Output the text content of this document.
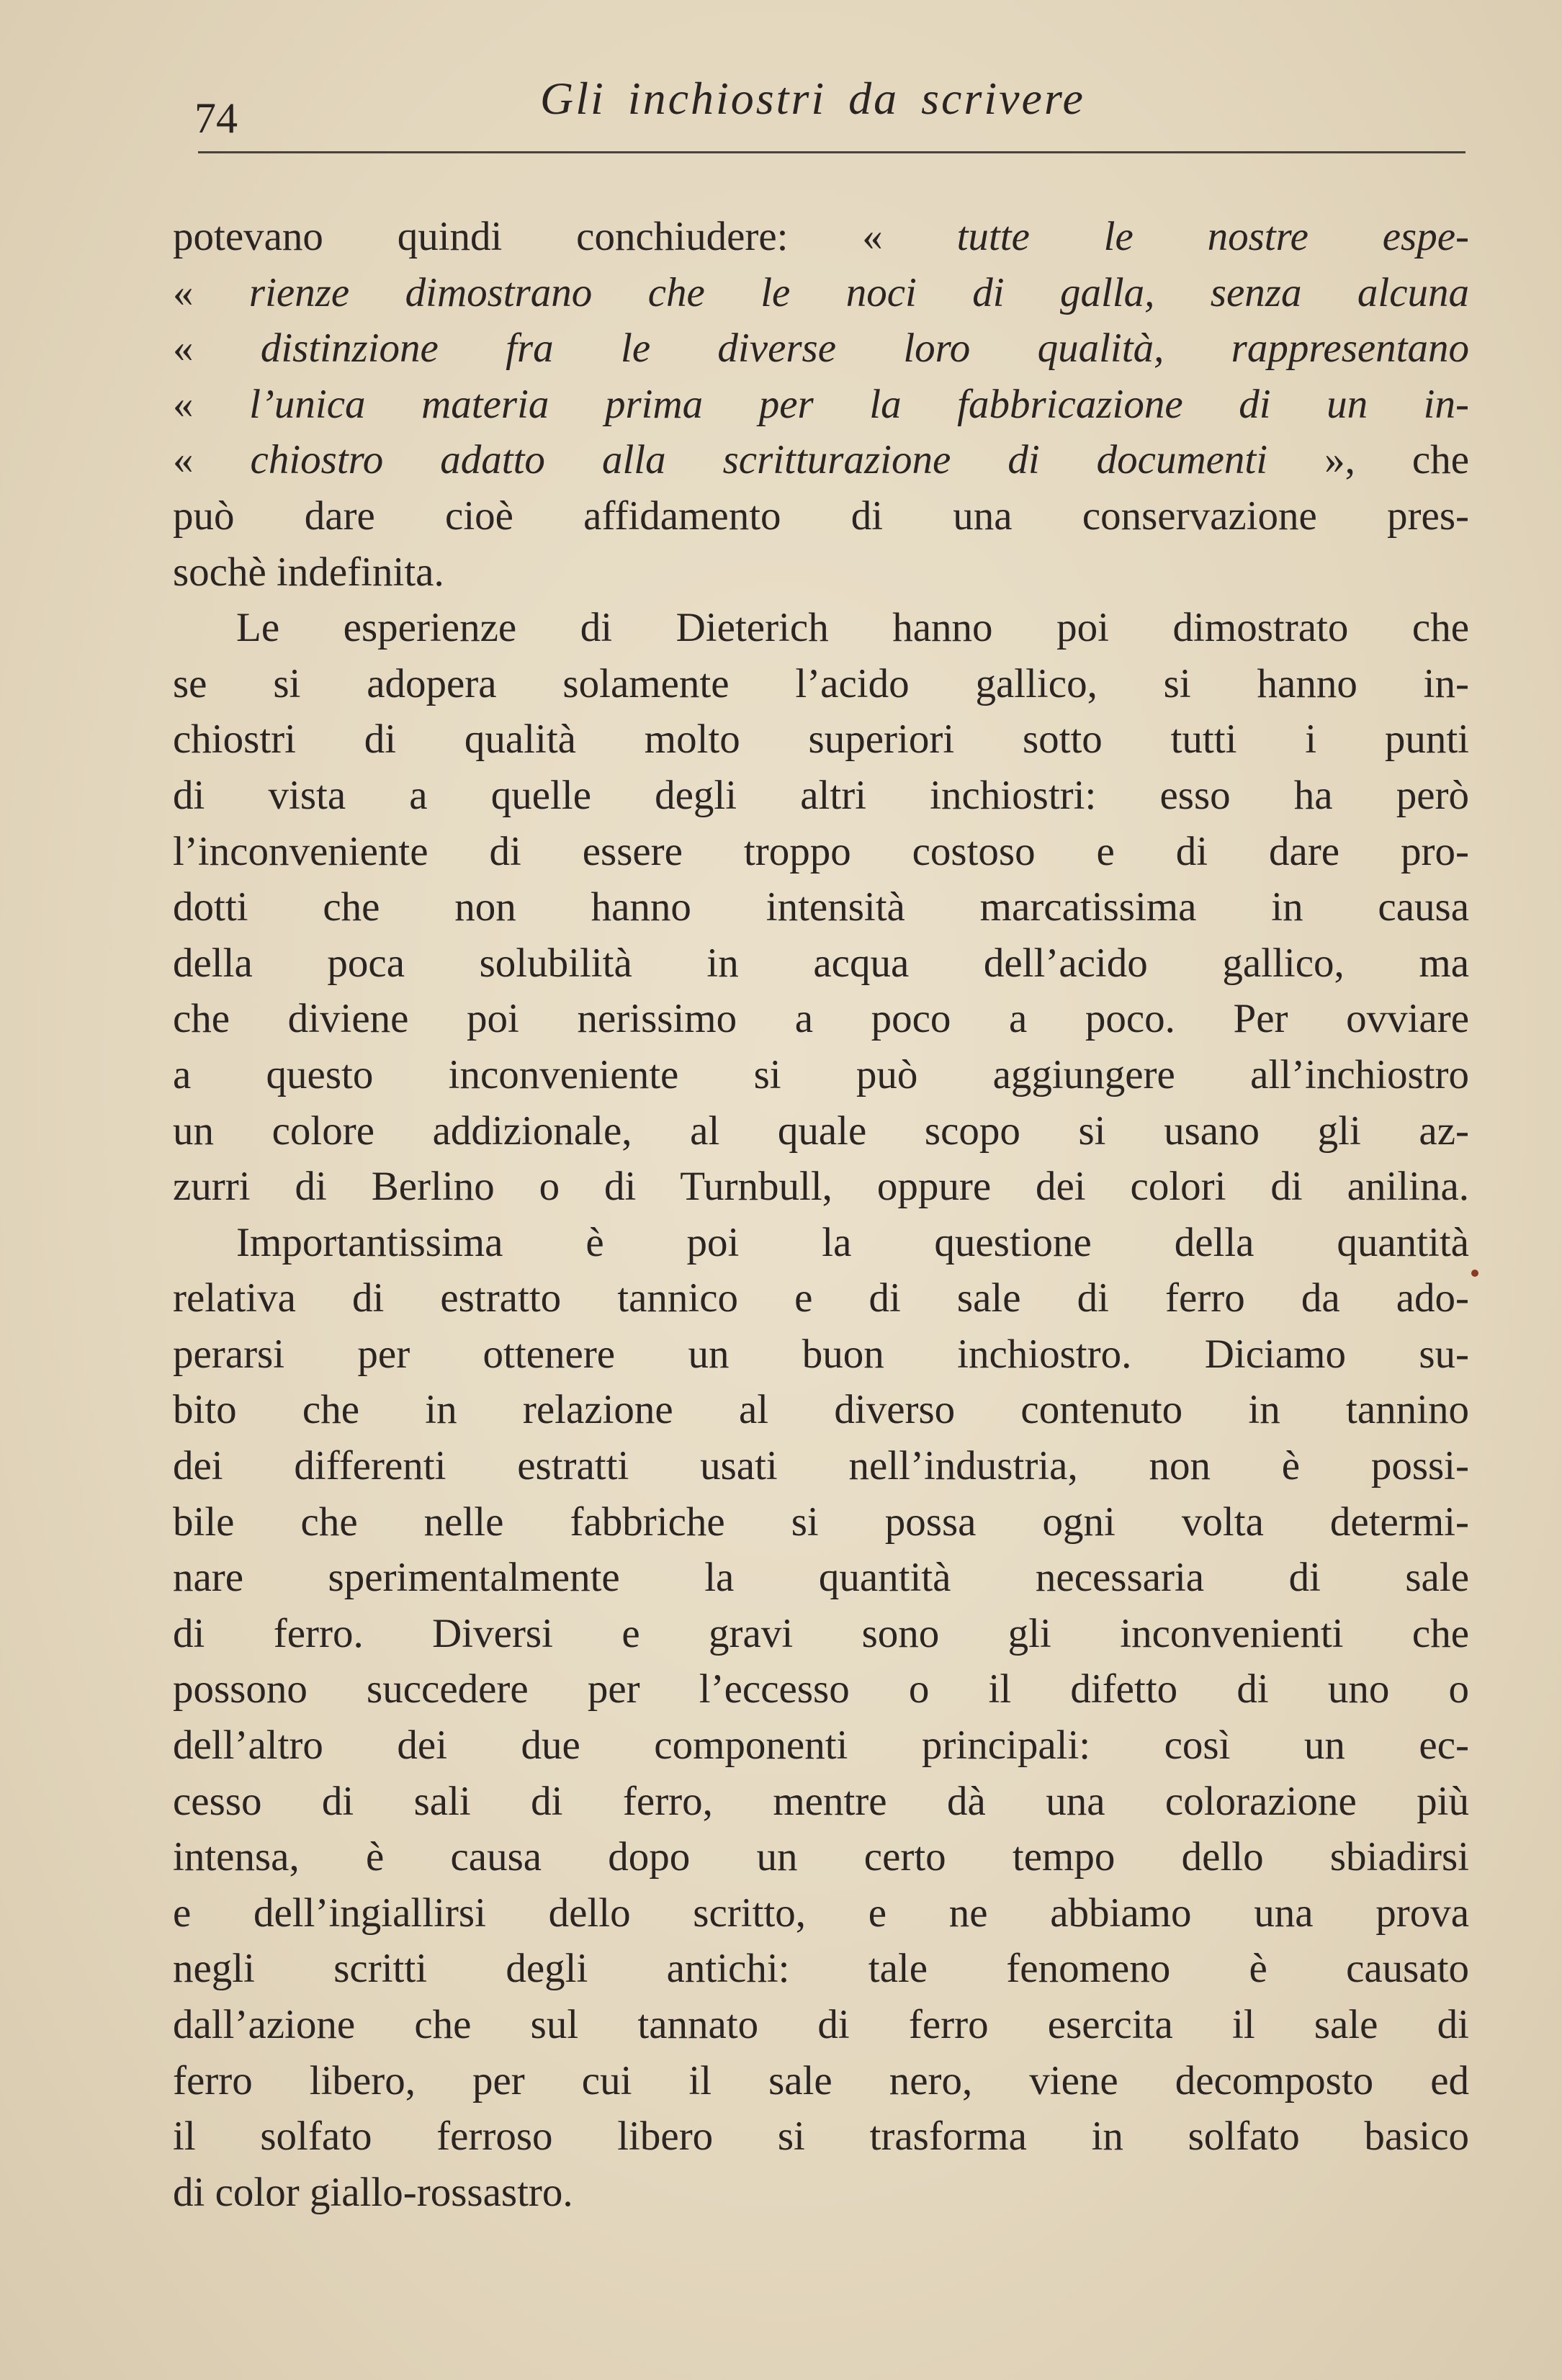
74	Gli inchiostri da scrivere
potevano quindi conchiudere: « tutte le nostre espe-
« rienze dimostrano che le noci di galla, senza alcuna
« distinzione fra le diverse loro qualità, rappresentano
« l’unica materia prima per la fabbricazione di un in-
« chiostro adatto alla scritturazione di documenti », che
può dare cioè affidamento di una conservazione pres-
sochè indefinita.
Le esperienze di Dieterich hanno poi dimostrato che
se si adopera solamente l’acido gallico, si hanno in-
chiostri di qualità molto superiori sotto tutti i punti
di vista a quelle degli altri inchiostri: esso ha però
l’inconveniente di essere troppo costoso e di dare pro-
dotti che non hanno intensità marcatissima in causa
della poca solubilità in acqua dell’acido gallico, ma
che diviene poi nerissimo a poco a poco. Per ovviare
a questo inconveniente si può aggiungere all’inchiostro
un colore addizionale, al quale scopo si usano gli az-
zurri di Berlino o di Turnbull, oppure dei colori di anilina.
Importantissima è poi la questione della quantità
relativa di estratto tannico e di sale di ferro da ado-
perarsi per ottenere un buon inchiostro. Diciamo su-
bito che in relazione al diverso contenuto in tannino
dei differenti estratti usati nell’industria, non è possi-
bile che nelle fabbriche si possa ogni volta determi-
nare sperimentalmente la quantità necessaria di sale
di ferro. Diversi e gravi sono gli inconvenienti che
possono succedere per l’eccesso o il difetto di uno o
dell’altro dei due componenti principali: così un ec-
cesso di sali di ferro, mentre dà una colorazione più
intensa, è causa dopo un certo tempo dello sbiadirsi
e dell’ingiallirsi dello scritto, e ne abbiamo una prova
negli scritti degli antichi: tale fenomeno è causato
dall’azione che sul tannato di ferro esercita il sale di
ferro libero, per cui il sale nero, viene decomposto ed
il solfato ferroso libero si trasforma in solfato basico
di color giallo-rossastro.
